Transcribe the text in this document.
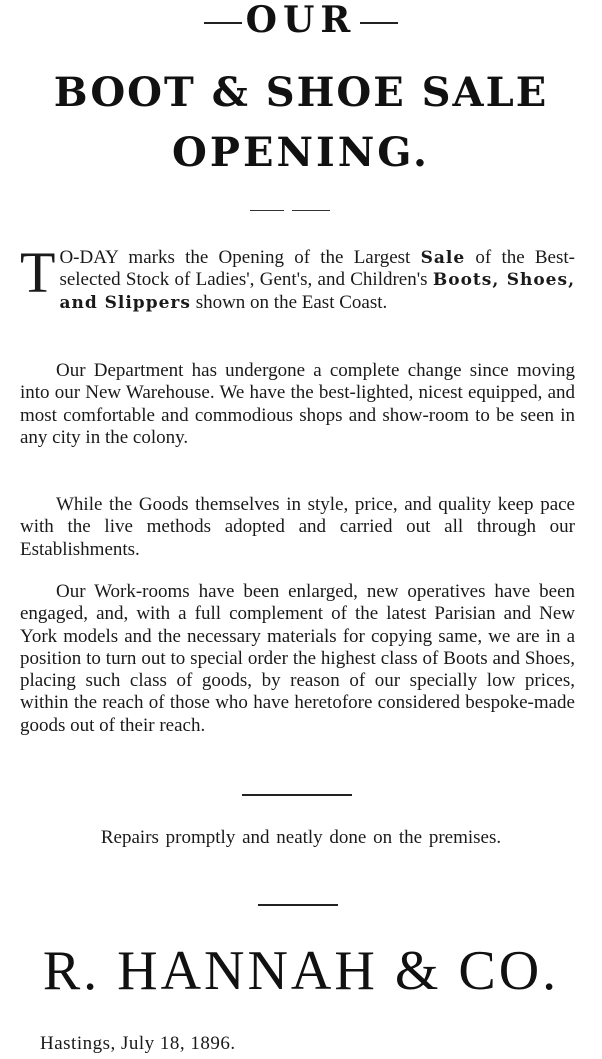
OUR
BOOT & SHOE SALE
OPENING.
T O-DAY marks the Opening of the Largest Sale of the Best-selected Stock of Ladies', Gent's, and Children's Boots, Shoes, and Slippers shown on the East Coast.
Our Department has undergone a complete change since moving into our New Warehouse. We have the best-lighted, nicest equipped, and most comfortable and commodious shops and show-room to be seen in any city in the colony.
While the Goods themselves in style, price, and quality keep pace with the live methods adopted and carried out all through our Establishments.
Our Work-rooms have been enlarged, new operatives have been engaged, and, with a full complement of the latest Parisian and New York models and the necessary materials for copying same, we are in a position to turn out to special order the highest class of Boots and Shoes, placing such class of goods, by reason of our specially low prices, within the reach of those who have heretofore considered bespoke-made goods out of their reach.
Repairs promptly and neatly done on the premises.
R. HANNAH & CO.
Hastings, July 18, 1896.
